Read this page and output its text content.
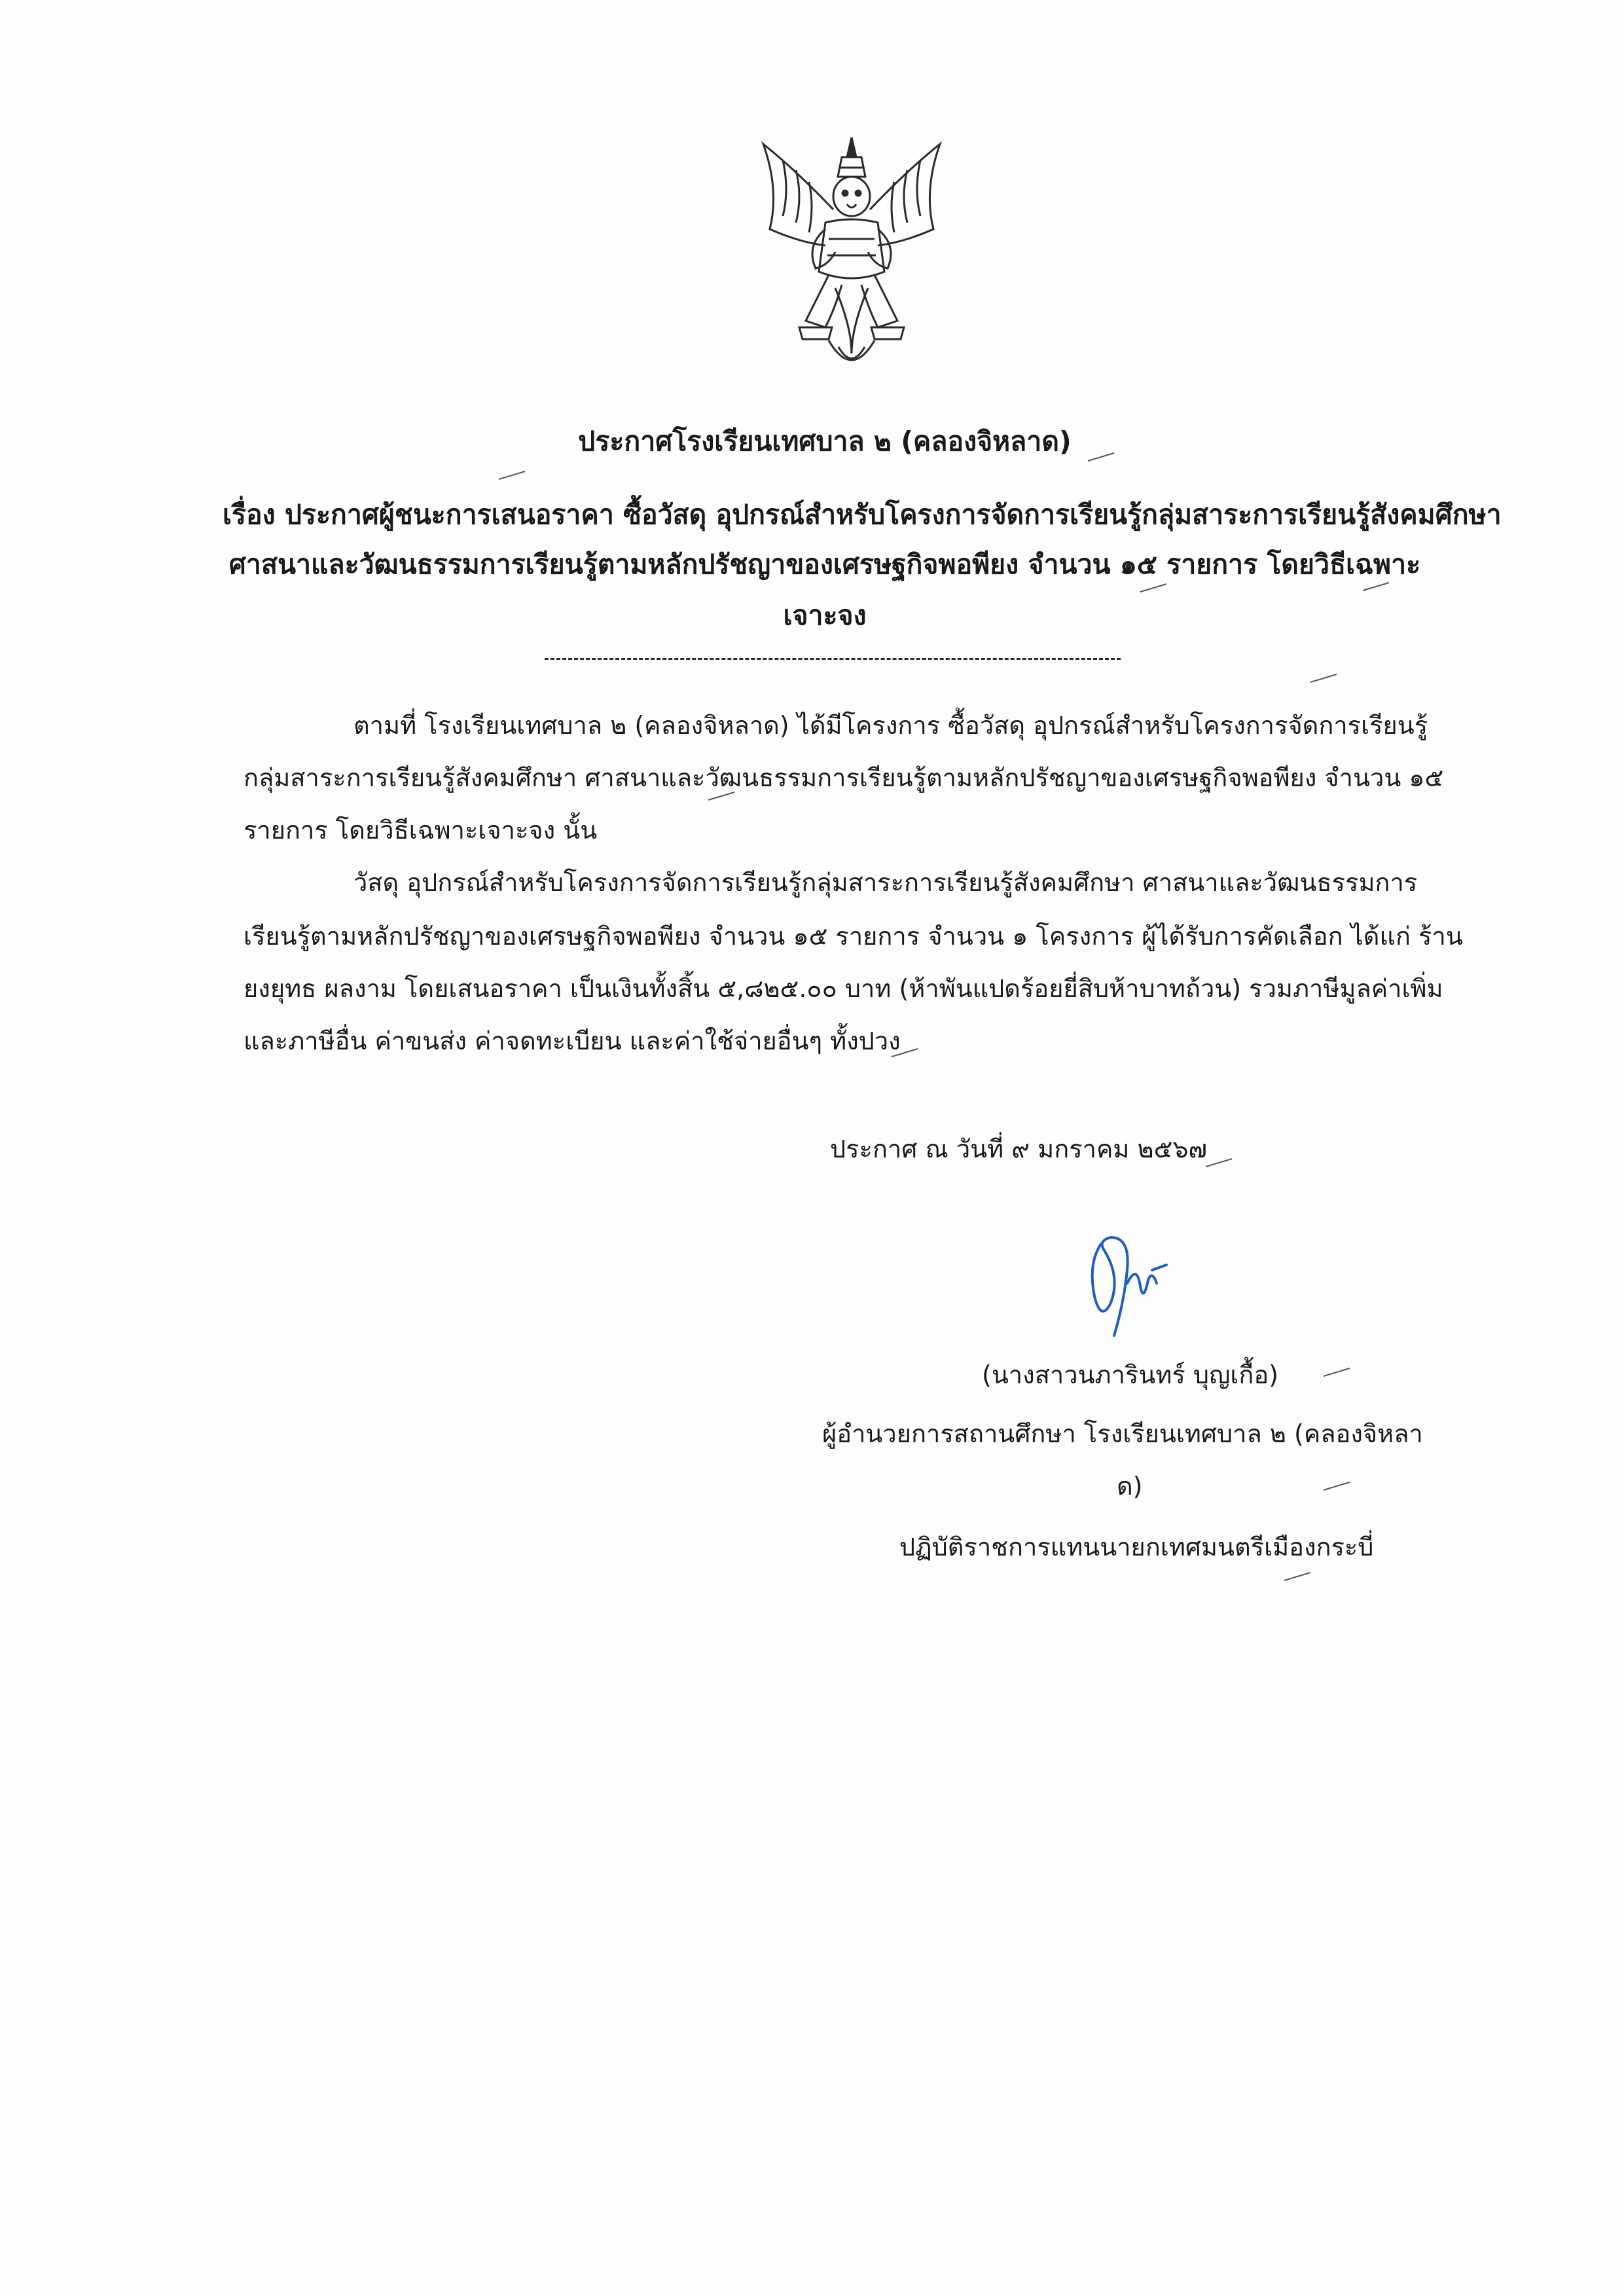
ประกาศโรงเรียนเทศบาล ๒ (คลองจิหลาด)
เรื่อง ประกาศผู้ชนะการเสนอราคา ซื้อวัสดุ อุปกรณ์สำหรับโครงการจัดการเรียนรู้กลุ่มสาระการเรียนรู้สังคมศึกษา
ศาสนาและวัฒนธรรมการเรียนรู้ตามหลักปรัชญาของเศรษฐกิจพอพียง จำนวน ๑๕ รายการ โดยวิธีเฉพาะ
เจาะจง
ตามที่ โรงเรียนเทศบาล ๒ (คลองจิหลาด) ได้มีโครงการ ซื้อวัสดุ อุปกรณ์สำหรับโครงการจัดการเรียนรู้
กลุ่มสาระการเรียนรู้สังคมศึกษา ศาสนาและวัฒนธรรมการเรียนรู้ตามหลักปรัชญาของเศรษฐกิจพอพียง จำนวน ๑๕
รายการ โดยวิธีเฉพาะเจาะจง นั้น
วัสดุ อุปกรณ์สำหรับโครงการจัดการเรียนรู้กลุ่มสาระการเรียนรู้สังคมศึกษา ศาสนาและวัฒนธรรมการ
เรียนรู้ตามหลักปรัชญาของเศรษฐกิจพอพียง จำนวน ๑๕ รายการ จำนวน ๑ โครงการ ผู้ได้รับการคัดเลือก ได้แก่ ร้าน
ยงยุทธ ผลงาม โดยเสนอราคา เป็นเงินทั้งสิ้น ๕,๘๒๕.๐๐ บาท (ห้าพันแปดร้อยยี่สิบห้าบาทถ้วน) รวมภาษีมูลค่าเพิ่ม
และภาษีอื่น ค่าขนส่ง ค่าจดทะเบียน และค่าใช้จ่ายอื่นๆ ทั้งปวง
ประกาศ ณ วันที่ ๙ มกราคม ๒๕๖๗
(นางสาวนภารินทร์ บุญเกื้อ)
ผู้อำนวยการสถานศึกษา โรงเรียนเทศบาล ๒ (คลองจิหลา
ด)
ปฏิบัติราชการแทนนายกเทศมนตรีเมืองกระบี่
